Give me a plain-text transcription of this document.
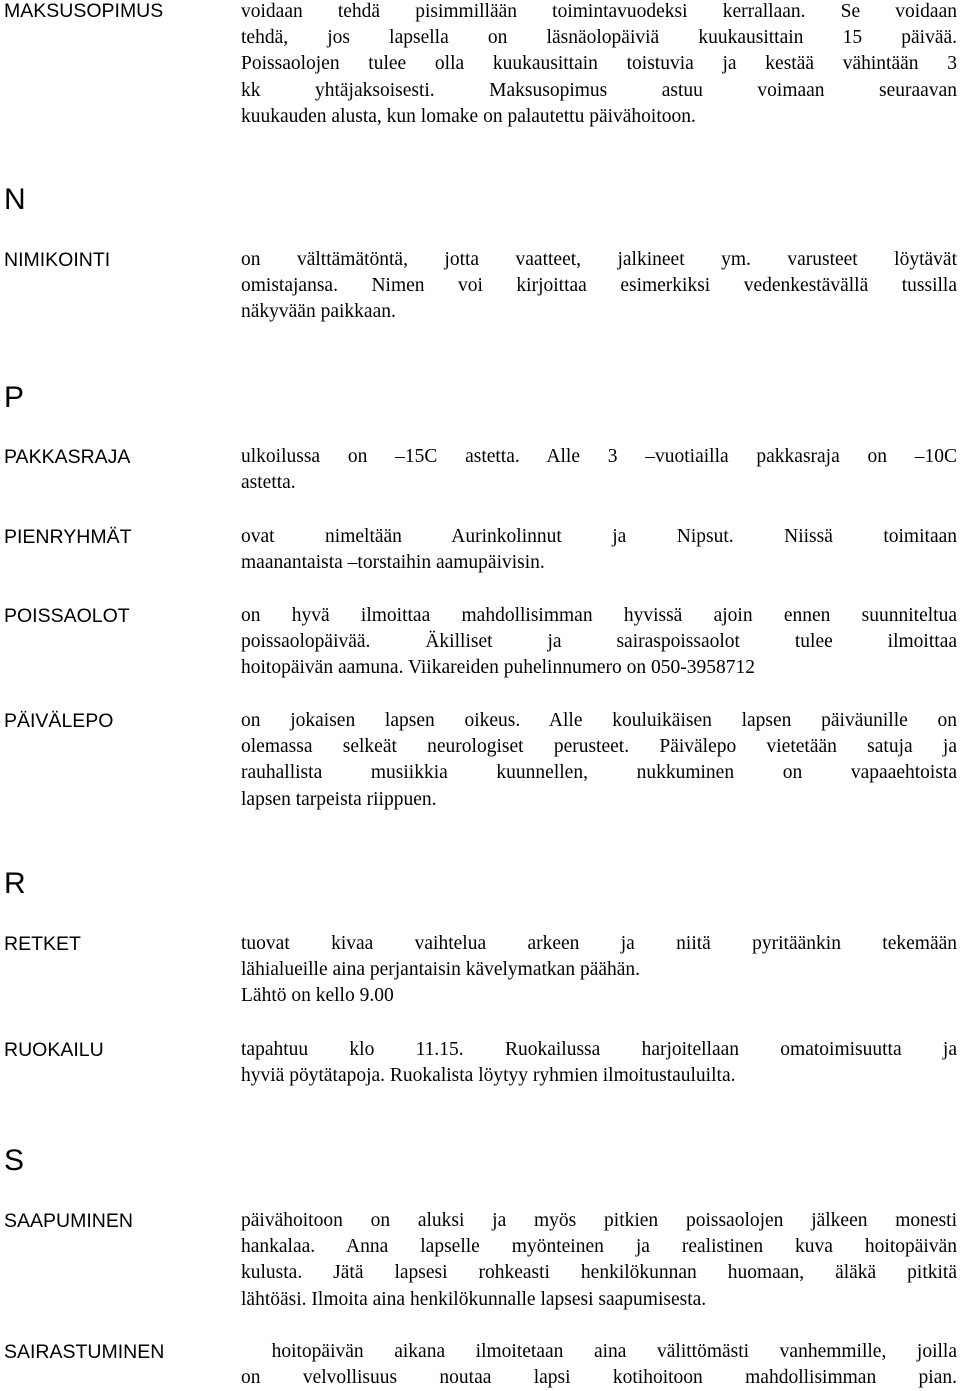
MAKSUSOPIMUS	voidaan tehdä pisimmillään toimintavuodeksi kerrallaan. Se voidaan
tehdä, jos lapsella on läsnäolopäiviä kuukausittain 15 päivää.
Poissaolojen tulee olla kuukausittain toistuvia ja kestää vähintään 3
kk yhtäjaksoisesti. Maksusopimus astuu voimaan seuraavan
kuukauden alusta, kun lomake on palautettu päivähoitoon.
N
NIMIKOINTI	on välttämätöntä, jotta vaatteet, jalkineet ym. varusteet löytävät
omistajansa. Nimen voi kirjoittaa esimerkiksi vedenkestävällä tussilla
näkyvään paikkaan.
P
PAKKASRAJA	ulkoilussa on –15C astetta. Alle 3 –vuotiailla pakkasraja on –10C
astetta.
PIENRYHMÄT	ovat nimeltään Aurinkolinnut ja Nipsut. Niissä toimitaan
maanantaista –torstaihin aamupäivisin.
POISSAOLOT	on hyvä ilmoittaa mahdollisimman hyvissä ajoin ennen suunniteltua
poissaolopäivää. Äkilliset ja sairaspoissaolot tulee ilmoittaa
hoitopäivän aamuna. Viikareiden puhelinnumero on 050-3958712
PÄIVÄLEPO	on jokaisen lapsen oikeus. Alle kouluikäisen lapsen päiväunille on
olemassa selkeät neurologiset perusteet. Päivälepo vietetään satuja ja
rauhallista musiikkia kuunnellen, nukkuminen on vapaaehtoista
lapsen tarpeista riippuen.
R
RETKET	tuovat kivaa vaihtelua arkeen ja niitä pyritäänkin tekemään
lähialueille aina perjantaisin kävelymatkan päähän.
Lähtö on kello 9.00
RUOKAILU	tapahtuu klo 11.15. Ruokailussa harjoitellaan omatoimisuutta ja
hyviä pöytätapoja. Ruokalista löytyy ryhmien ilmoitustauluilta.
S
SAAPUMINEN	päivähoitoon on aluksi ja myös pitkien poissaolojen jälkeen monesti
hankalaa. Anna lapselle myönteinen ja realistinen kuva hoitopäivän
kulusta. Jätä lapsesi rohkeasti henkilökunnan huomaan, äläkä pitkitä
lähtöäsi. Ilmoita aina henkilökunnalle lapsesi saapumisesta.
SAIRASTUMINEN	hoitopäivän aikana ilmoitetaan aina välittömästi vanhemmille, joilla
on velvollisuus noutaa lapsi kotihoitoon mahdollisimman pian.
